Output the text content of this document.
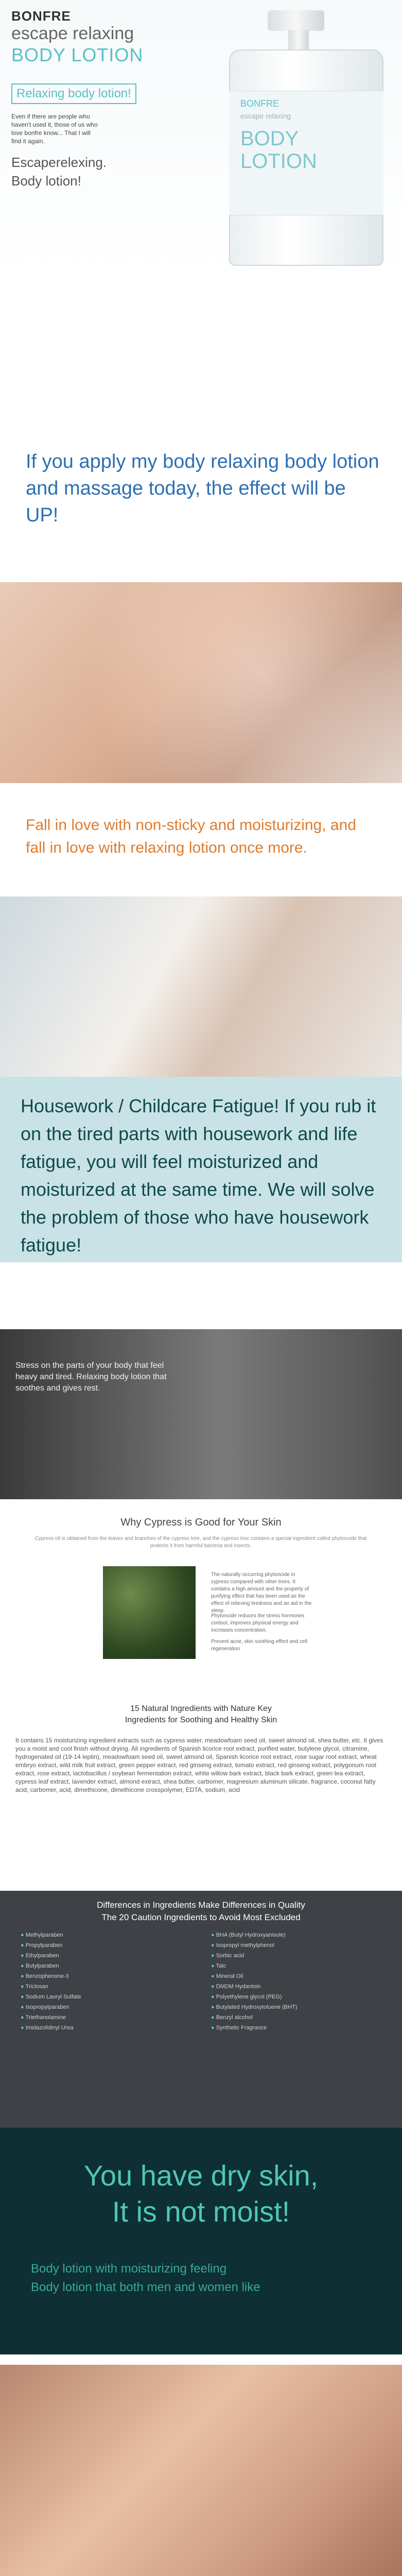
BONFRE
escape relaxing
BODY LOTION
Relaxing body lotion!
Even if there are people who haven't used it, those of us who love bonfre know... That I will find it again.
Escaperelexing.
Body lotion!
BONFRE
escape relaxing
BODY LOTION
If you apply my body relaxing body lotion and massage today, the effect will be UP!
Fall in love with non-sticky and moisturizing, and fall in love with relaxing lotion once more.
Housework / Childcare Fatigue! If you rub it on the tired parts with housework and life fatigue, you will feel moisturized and moisturized at the same time. We will solve the problem of those who have housework fatigue!
Stress on the parts of your body that feel heavy and tired. Relaxing body lotion that soothes and gives rest.
Why Cypress is Good for Your Skin
Cypress oil is obtained from the leaves and branches of the cypress tree, and the cypress tree contains a special ingredient called phytoncide that protects it from harmful bacteria and insects.
The naturally occurring phytoncide in cypress compared with other trees. It contains a high amount and the property of purifying effect that has been used as the effect of relieving tiredness and an aid in the sleep.
Phytoncide reduces the stress hormones cortisol, improves physical energy and increases concentration.
Prevent acne, skin soothing effect and cell regeneration
15 Natural Ingredients with Nature Key
Ingredients for Soothing and Healthy Skin
It contains 15 moisturizing ingredient extracts such as cypress water, meadowfoam seed oil, sweet almond oil, shea butter, etc. It gives you a moist and cool finish without drying. All ingredients of Spanish licorice root extract, purified water, butylene glycol, citramine, hydrogenated oil (19-14 leptin), meadowfoam seed oil, sweet almond oil, Spanish licorice root extract, rose sugar root extract, wheat embryo extract, wild milk fruit extract, green pepper extract, red ginseng extract, tomato extract, red ginseng extract, polygonum root extract, rose extract, lactobacillus / soybean fermentation extract, white willow bark extract, black bark extract, green tea extract, cypress leaf extract, lavender extract, almond extract, shea butter, carbomer, magnesium aluminum silicate, fragrance, coconut fatty acid, carbomer, acid, dimethicone, dimethicone crosspolymer, EDTA, sodium, acid
Differences in Ingredients Make Differences in Quality
The 20 Caution Ingredients to Avoid Most Excluded
● Methylparaben
● Propylparaben
● Ethylparaben
● Butylparaben
● Benzophenone-3
● Triclosan
● Sodium Lauryl Sulfate
● Isopropylparaben
● Triethanolamine
● Imidazolidinyl Urea
● BHA (Butyl Hydroxyanisole)
● Isopropyl methylphenol
● Sorbic acid
● Talc
● Mineral Oil
● DMDM Hydantoin
● Polyethylene glycol (PEG)
● Butylated Hydroxytoluene (BHT)
● Benzyl alcohol
● Synthetic Fragrance
You have dry skin,
It is not moist!
Body lotion with moisturizing feeling
Body lotion that both men and women like
